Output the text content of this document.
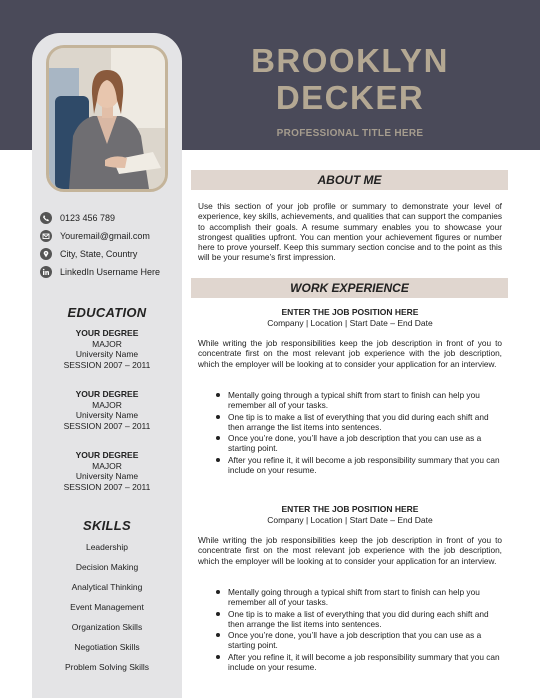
BROOKLYN
DECKER
PROFESSIONAL TITLE HERE
0123 456 789
Youremail@gmail.com
City, State, Country
LinkedIn Username Here
EDUCATION
YOUR DEGREE
MAJOR
University Name
SESSION 2007 – 2011
YOUR DEGREE
MAJOR
University Name
SESSION 2007 – 2011
YOUR DEGREE
MAJOR
University Name
SESSION 2007 – 2011
SKILLS
Leadership
Decision Making
Analytical Thinking
Event Management
Organization Skills
Negotiation Skills
Problem Solving Skills
ABOUT ME
Use this section of your job profile or summary to demonstrate your level of experience, key skills, achievements, and qualities that can support the companies to accomplish their goals. A resume summary enables you to showcase your strongest qualities upfront. You can mention your achievement figures or number here to prove yourself. Keep this summary section concise and to the point as this will be your resume’s first impression.
WORK EXPERIENCE
ENTER THE JOB POSITION HERE
Company | Location | Start Date – End Date
While writing the job responsibilities keep the job description in front of you to concentrate first on the most relevant job experience with the job description, which the employer will be looking at to consider your application for an interview.
Mentally going through a typical shift from start to finish can help you remember all of your tasks.
One tip is to make a list of everything that you did during each shift and then arrange the list items into sentences.
Once you’re done, you’ll have a job description that you can use as a starting point.
After you refine it, it will become a job responsibility summary that you can include on your resume.
ENTER THE JOB POSITION HERE
Company | Location | Start Date – End Date
While writing the job responsibilities keep the job description in front of you to concentrate first on the most relevant job experience with the job description, which the employer will be looking at to consider your application for an interview.
Mentally going through a typical shift from start to finish can help you remember all of your tasks.
One tip is to make a list of everything that you did during each shift and then arrange the list items into sentences.
Once you’re done, you’ll have a job description that you can use as a starting point.
After you refine it, it will become a job responsibility summary that you can include on your resume.
